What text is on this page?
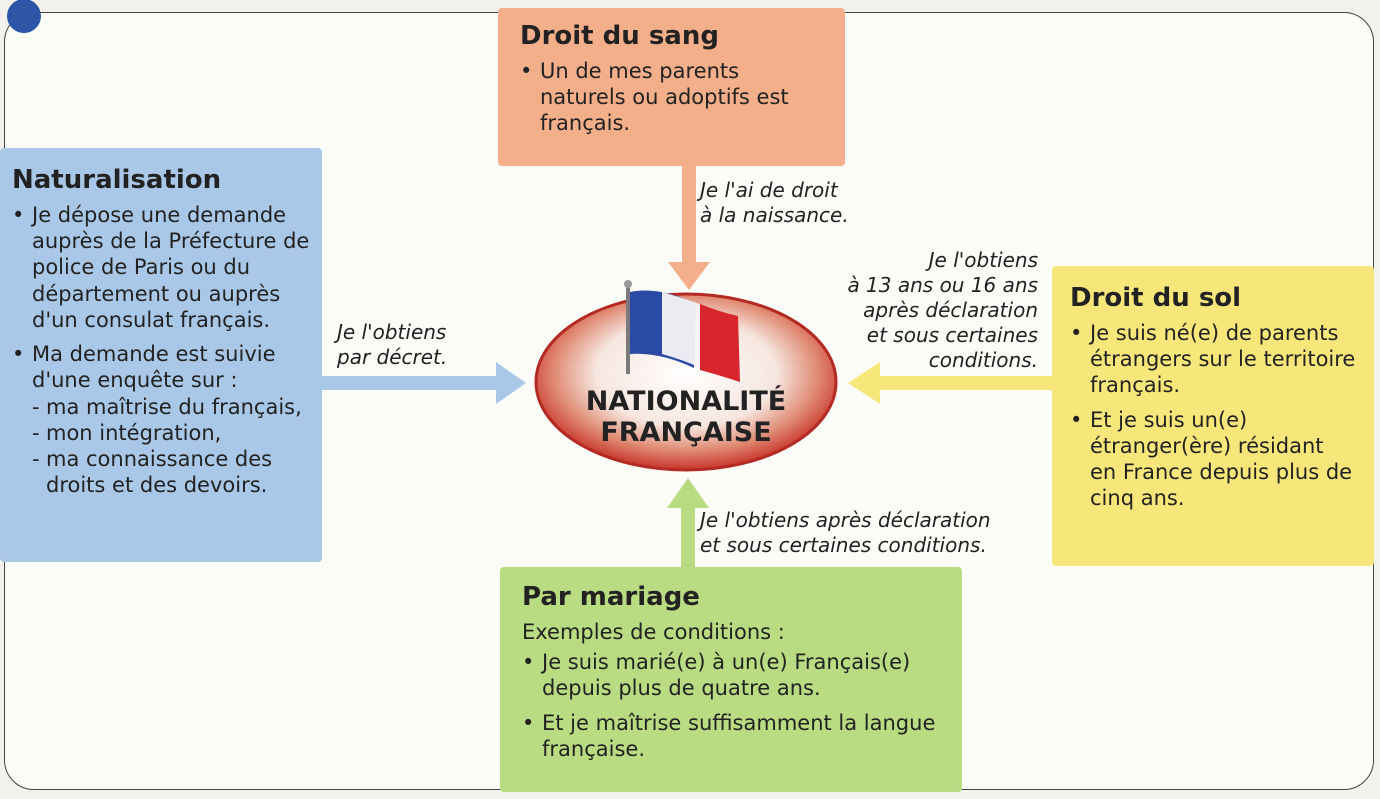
NATIONALITÉ
FRANÇAISE
Droit du sang
• Un de mes parents naturels ou adoptifs est français.
Je l'ai de droit
à la naissance.
Naturalisation
• Je dépose une demande auprès de la Préfecture de police de Paris ou du département ou auprès d'un consulat français.
• Ma demande est suivie d'une enquête sur :
- ma maîtrise du français,
- mon intégration,
- ma connaissance des droits et des devoirs.
Je l'obtiens
par décret.
Droit du sol
• Je suis né(e) de parents étrangers sur le territoire français.
• Et je suis un(e) étranger(ère) résidant en France depuis plus de cinq ans.
Je l'obtiens
à 13 ans ou 16 ans
après déclaration
et sous certaines
conditions.
Par mariage
Exemples de conditions :
• Je suis marié(e) à un(e) Français(e) depuis plus de quatre ans.
• Et je maîtrise suffisamment la langue française.
Je l'obtiens après déclaration
et sous certaines conditions.
